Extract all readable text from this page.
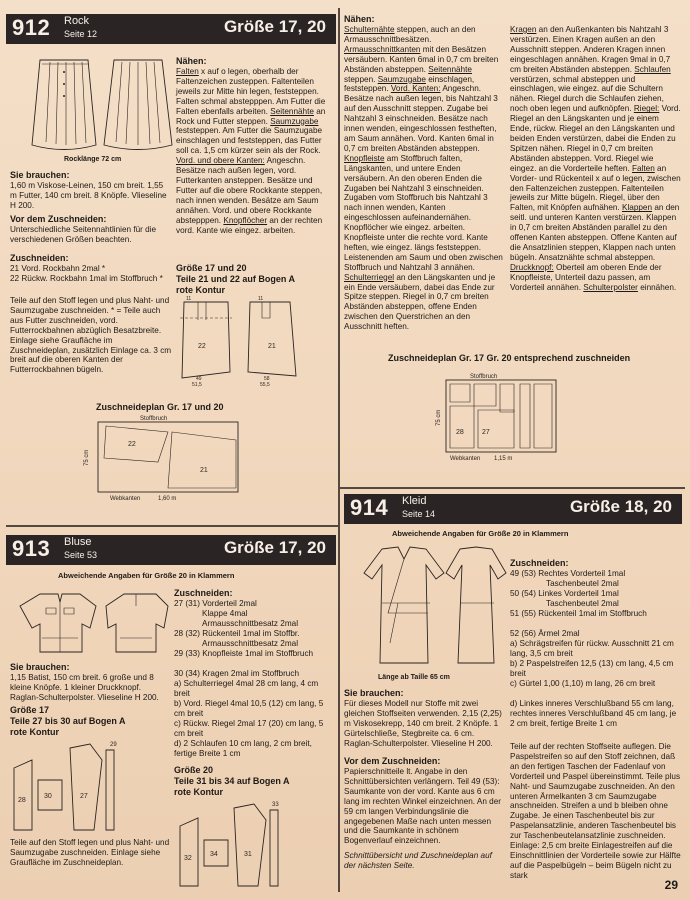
912 Rock
Seite 12	Größe 17, 20
Rocklänge 72 cm
Sie brauchen:
1,60 m Viskose-Leinen, 150 cm breit. 1,55 m Futter, 140 cm breit. 8 Knöpfe. Vlieseline H 200.
Vor dem Zuschneiden:
Unterschiedliche Seitennahtlinien für die verschiedenen Größen beachten.
Zuschneiden:
21 Vord. Rockbahn 2mal *
22 Rückw. Rockbahn 1mal im Stoffbruch *
Teile auf den Stoff legen und plus Naht- und Saumzugabe zuschneiden. * = Teile auch aus Futter zuschneiden, vord. Futterrockbahnen abzüglich Besatzbreite. Einlage siehe Graufläche im Zuschneideplan, zusätzlich Einlage ca. 3 cm breit auf die oberen Kanten der Futterrockbahnen bügeln.
Nähen:
Falten x auf o legen, oberhalb der Faltenzeichen zusteppen. Faltenteilen jeweils zur Mitte hin legen, feststeppen. Falten schmal abstepppen. Am Futter die Falten ebenfalls arbeiten. Seitennähte an Rock und Futter steppen. Saumzugabe feststeppen. Am Futter die Saumzugabe einschlagen und feststeppen, das Futter soll ca. 1,5 cm kürzer sein als der Rock. Vord. und obere Kanten: Angeschn. Besätze nach außen legen, vord. Futterkanten ansteppen. Besätze und Futter auf die obere Rockkante steppen, nach innen wenden. Besätze am Saum annähen. Vord. und obere Rockkante abstepppen. Knopflöcher an der rechten vord. Kante wie eingez. arbeiten.
Größe 17 und 20
Teile 21 und 22 auf Bogen A
rote Kontur
22	21
11	11
49
51,5
58
55,5
Zuschneideplan Gr. 17 und 20
Stoffbruch
22
21
75 cm
Webkanten	1,60 m
913 Bluse
Seite 53	Größe 17, 20
Abweichende Angaben für Größe 20 in Klammern
Sie brauchen:
1,15 Batist, 150 cm breit. 6 große und 8 kleine Knöpfe. 1 kleiner Druckknopf. Raglan-Schulterpolster. Vlieseline H 200.
Größe 17
Teile 27 bis 30 auf Bogen A
rote Kontur
28
30	27
29
Teile auf den Stoff legen und plus Naht- und Saumzugabe zuschneiden. Einlage siehe Graufläche im Zuschneideplan.
Zuschneiden:
27 (31) Vorderteil 2mal
Klappe 4mal
Armausschnittbesatz 2mal
28 (32) Rückenteil 1mal im Stoffbr.
Armausschnittbesatz 2mal
29 (33) Knopfleiste 1mal im Stoffbruch
30 (34) Kragen 2mal im Stoffbruch
a) Schulterriegel 4mal 28 cm lang, 4 cm breit
b) Vord. Riegel 4mal 10,5 (12) cm lang, 5 cm breit
c) Rückw. Riegel 2mal 17 (20) cm lang, 5 cm breit
d) 2 Schlaufen 10 cm lang, 2 cm breit, fertige Breite 1 cm
Größe 20
Teile 31 bis 34 auf Bogen A
rote Kontur
32
34	31
33
Nähen:
Schulternähte steppen, auch an den Armausschnittbesätzen. Armausschnittkanten mit den Besätzen versäubern. Kanten 6mal in 0,7 cm breiten Abständen absteppen. Seitennähte steppen. Saumzugabe einschlagen, feststeppen. Vord. Kanten: Angeschn. Besätze nach außen legen, bis Nahtzahl 3 auf den Ausschnitt steppen. Zugabe bei Nahtzahl 3 einschneiden. Besätze nach innen wenden, eingeschlossen festheften, am Saum annähen. Vord. Kanten 6mal in 0,7 cm breiten Abständen absteppen. Knopfleiste am Stoffbruch falten, Längskanten, und untere Enden versäubern. An den oberen Enden die Zugaben bei Nahtzahl 3 einschneiden. Zugaben vom Stoffbruch bis Nahtzahl 3 nach innen wenden, Kanten eingeschlossen aufeinandernähen. Knopflöcher wie eingez. arbeiten. Knopfleiste unter die rechte vord. Kante heften, wie eingez. längs feststeppen. Leistenenden am Saum und oben zwischen Stoffbruch und Nahtzahl 3 annähen. Schulterriegel an den Längskanten und je ein Ende versäubern, dabei das Ende zur Spitze steppen. Riegel in 0,7 cm breiten Abständen absteppen, offene Enden zwischen den Querstrichen an den Ausschnitt heften.
Kragen an den Außenkanten bis Nahtzahl 3 verstürzen. Einen Kragen außen an den Ausschnitt steppen. Anderen Kragen innen eingeschlagen annähen. Kragen 9mal in 0,7 cm breiten Abständen absteppen. Schlaufen verstürzen, schmal absteppen und einschlagen, wie eingez. auf die Schultern nähen. Riegel durch die Schlaufen ziehen, noch oben legen und aufknöpfen. Riegel: Vord. Riegel an den Längskanten und je einem Ende, rückw. Riegel an den Längskanten und beiden Enden verstürzen, dabei die Enden zu Spitzen nähen. Riegel in 0,7 cm breiten Abständen absteppen. Vord. Riegel wie eingez. an die Vorderteile heften. Falten an Vorder- und Rückenteil x auf o legen, zwischen den Faltenzeichen zusteppen. Faltenteilen jeweils zur Mitte bügeln. Riegel, über den Falten, mit Knöpfen aufnähen. Klappen an den seitl. und unteren Kanten verstürzen. Klappen in 0,7 cm breiten Abständen parallel zu den offenen Kanten absteppen. Offene Kanten auf die Ansatzlinien steppen, Klappen nach unten bügeln. Ansatznähte schmal absteppen. Druckknopf: Oberteil am oberen Ende der Knopfleiste, Unterteil dazu passen, am Vorderteil annähen. Schulterpolster einnähen.
Zuschneideplan Gr. 17 Gr. 20 entsprechend zuschneiden
Stoffbruch
27
28
75 cm
Webkanten 1,15 m
914 Kleid
Seite 14	Größe 18, 20
Abweichende Angaben für Größe 20 in Klammern
Länge ab Taille 65 cm
Sie brauchen:
Für dieses Modell nur Stoffe mit zwei gleichen Stoffseiten verwenden. 2,15 (2,25) m Viskosekrepp, 140 cm breit. 2 Knöpfe. 1 Gürtelschließe, Stegbreite ca. 6 cm. Raglan-Schulterpolster. Vlieseline H 200.
Vor dem Zuschneiden:
Papierschnitteile lt. Angabe in den Schnittübersichten verlängern. Teil 49 (53): Saumkante von der vord. Kante aus 6 cm lang im rechten Winkel einzeichnen. An der 59 cm langen Verbindungslinie die angegebenen Maße nach unten messen und die Saumkante in schönem Bogenverlauf einzeichnen.
Schnittübersicht und Zuschneideplan auf der nächsten Seite.
Zuschneiden:
49 (53) Rechtes Vorderteil 1mal
Taschenbeutel 2mal
50 (54) Linkes Vorderteil 1mal
Taschenbeutel 2mal
51 (55) Rückenteil 1mal im Stoffbruch
52 (56) Ärmel 2mal
a) Schrägstreifen für rückw. Ausschnitt 21 cm lang, 3,5 cm breit
b) 2 Paspelstreifen 12,5 (13) cm lang, 4,5 cm breit
c) Gürtel 1,00 (1,10) m lang, 26 cm breit
d) Linkes inneres Verschlußband 55 cm lang, rechtes inneres Verschlußband 45 cm lang, je 2 cm breit, fertige Breite 1 cm
Teile auf der rechten Stoffseite auflegen. Die Paspelstreifen so auf den Stoff zeichnen, daß an den fertigen Taschen der Fadenlauf von Vorderteil und Paspel übereinstimmt. Teile plus Naht- und Saumzugabe zuschneiden. An den unteren Ärmelkanten 3 cm Saumzugabe anschneiden. Streifen a und b bleiben ohne Zugabe. Je einen Taschenbeutel bis zur Paspelansatzlinie, anderen Taschenbeutel bis zur Taschenbeutelansatzlinie zuschneiden. Einlage: 2,5 cm breite Einlagestreifen auf die Einschnittlinien der Vorderteile sowie zur Hälfte auf die Paspelbügeln – beim Bügeln nicht zu stark
29
